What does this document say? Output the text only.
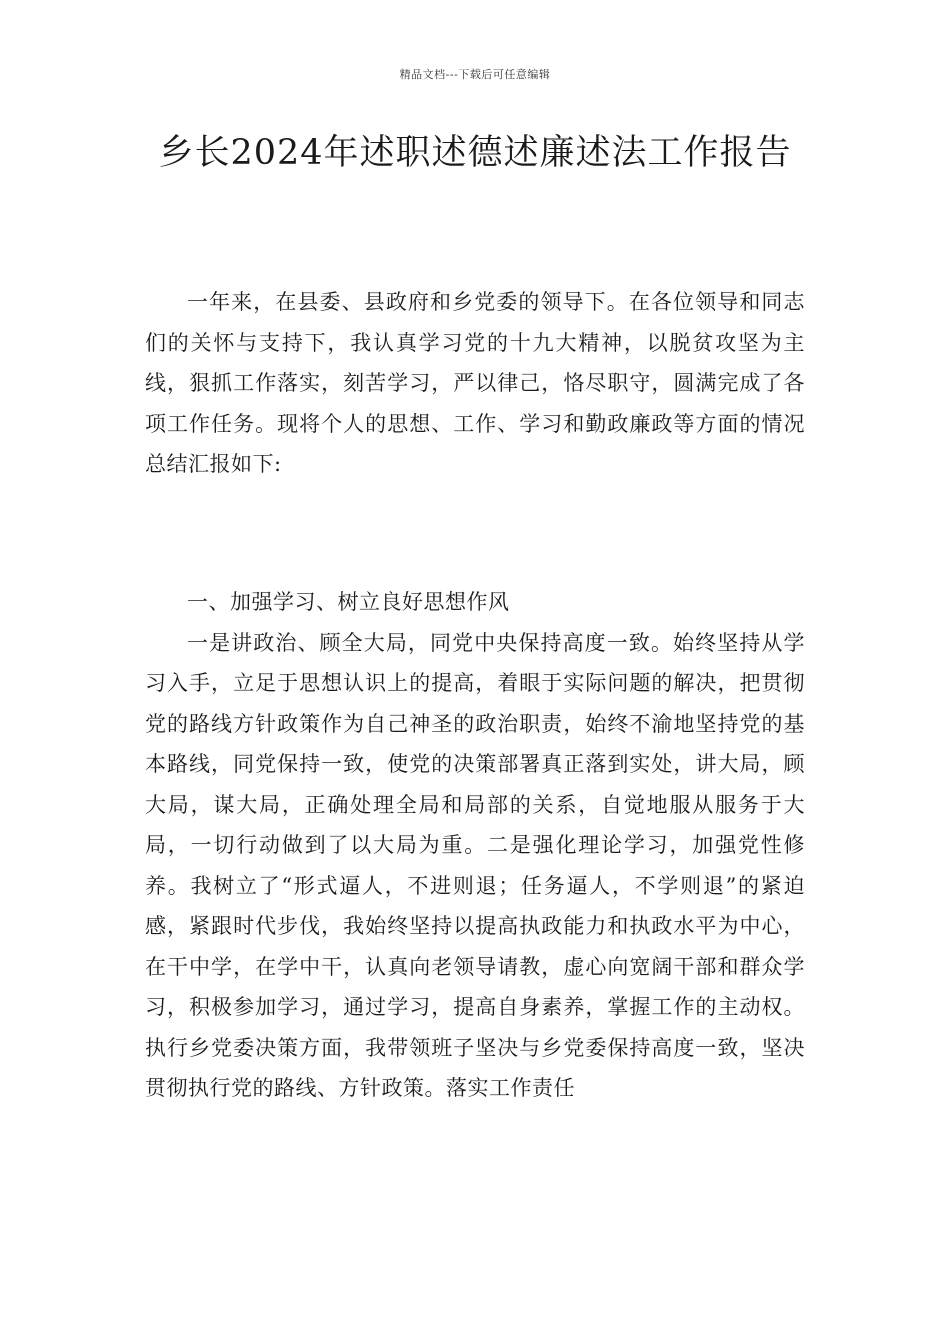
精品文档---下载后可任意编辑
乡长2024年述职述德述廉述法工作报告

一年来，在县委、县政府和乡党委的领导下。在各位领导和同志们的关怀与支持下，我认真学习党的十九大精神，以脱贫攻坚为主线，狠抓工作落实，刻苦学习，严以律己，恪尽职守，圆满完成了各项工作任务。现将个人的思想、工作、学习和勤政廉政等方面的情况总结汇报如下:

一、加强学习、树立良好思想作风

一是讲政治、顾全大局，同党中央保持高度一致。始终坚持从学习入手，立足于思想认识上的提高，着眼于实际问题的解决，把贯彻党的路线方针政策作为自己神圣的政治职责，始终不渝地坚持党的基本路线，同党保持一致，使党的决策部署真正落到实处，讲大局，顾大局，谋大局，正确处理全局和局部的关系，自觉地服从服务于大局，一切行动做到了以大局为重。二是强化理论学习，加强党性修养。我树立了“形式逼人，不进则退；任务逼人，不学则退”的紧迫感，紧跟时代步伐，我始终坚持以提高执政能力和执政水平为中心，在干中学，在学中干，认真向老领导请教，虚心向宽阔干部和群众学习，积极参加学习，通过学习，提高自身素养，掌握工作的主动权。执行乡党委决策方面，我带领班子坚决与乡党委保持高度一致，坚决贯彻执行党的路线、方针政策。落实工作责任
